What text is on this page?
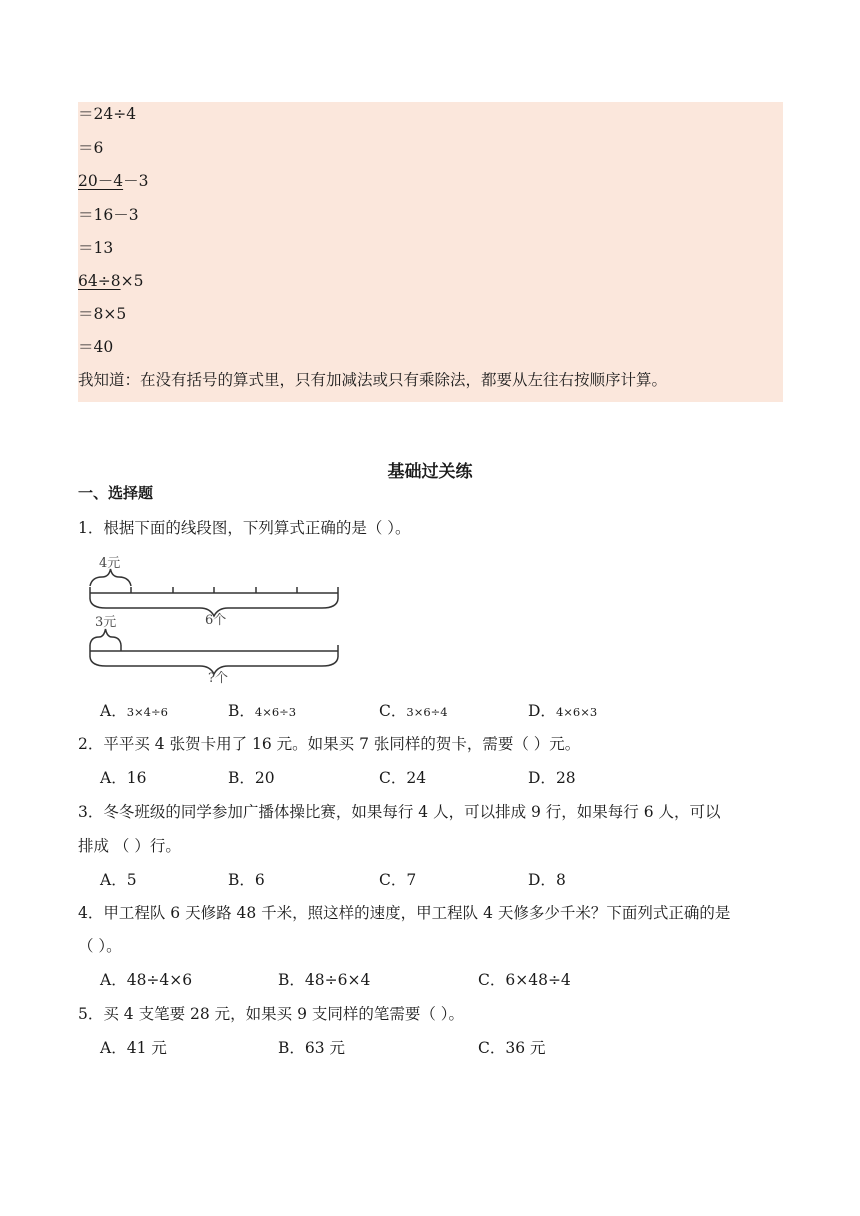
＝24÷4
＝6
20－4－3
＝16－3
＝13
64÷8×5
＝8×5
＝40
我知道：在没有括号的算式里，只有加减法或只有乘除法，都要从左往右按顺序计算。
基础过关练
一、选择题
1．根据下面的线段图，下列算式正确的是（ ）。
4元
6个
3元
?个
A．3×4÷6	B．4×6÷3	C．3×6÷4	D．4×6×3
2．平平买 4 张贺卡用了 16 元。如果买 7 张同样的贺卡，需要（ ）元。
A．16	B．20	C．24	D．28
3．冬冬班级的同学参加广播体操比赛，如果每行 4 人，可以排成 9 行，如果每行 6 人，可以
排成 （ ）行。
A．5	B．6	C．7	D．8
4．甲工程队 6 天修路 48 千米，照这样的速度，甲工程队 4 天修多少千米？下面列式正确的是
（ ）。
A．48÷4×6	B．48÷6×4	C．6×48÷4
5．买 4 支笔要 28 元，如果买 9 支同样的笔需要（ ）。
A．41 元	B．63 元	C．36 元
